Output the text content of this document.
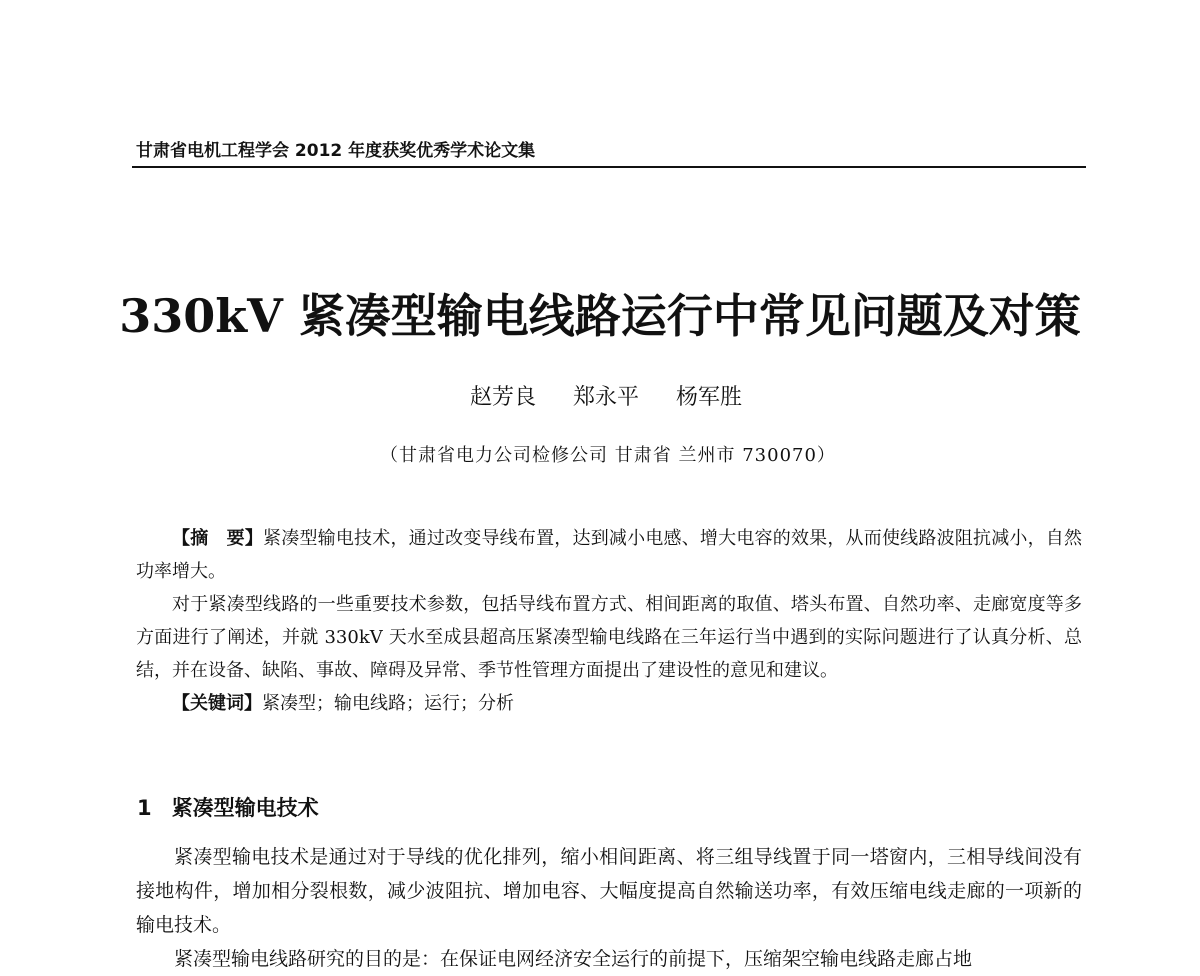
甘肃省电机工程学会 2012 年度获奖优秀学术论文集
330kV 紧凑型输电线路运行中常见问题及对策
赵芳良 郑永平 杨军胜
（甘肃省电力公司检修公司 甘肃省 兰州市 730070）

【摘　要】紧凑型输电技术，通过改变导线布置，达到减小电感、增大电容的效果，从而使线路波阻抗减小，自然功率增大。

对于紧凑型线路的一些重要技术参数，包括导线布置方式、相间距离的取值、塔头布置、自然功率、走廊宽度等多方面进行了阐述，并就 330kV 天水至成县超高压紧凑型输电线路在三年运行当中遇到的实际问题进行了认真分析、总结，并在设备、缺陷、事故、障碍及异常、季节性管理方面提出了建设性的意见和建议。

【关键词】紧凑型；输电线路；运行；分析

1 紧凑型输电技术

紧凑型输电技术是通过对于导线的优化排列，缩小相间距离、将三组导线置于同一塔窗内，三相导线间没有接地构件，增加相分裂根数，减少波阻抗、增加电容、大幅度提高自然输送功率，有效压缩电线走廊的一项新的输电技术。

紧凑型输电线路研究的目的是：在保证电网经济安全运行的前提下，压缩架空输电线路走廊占地
